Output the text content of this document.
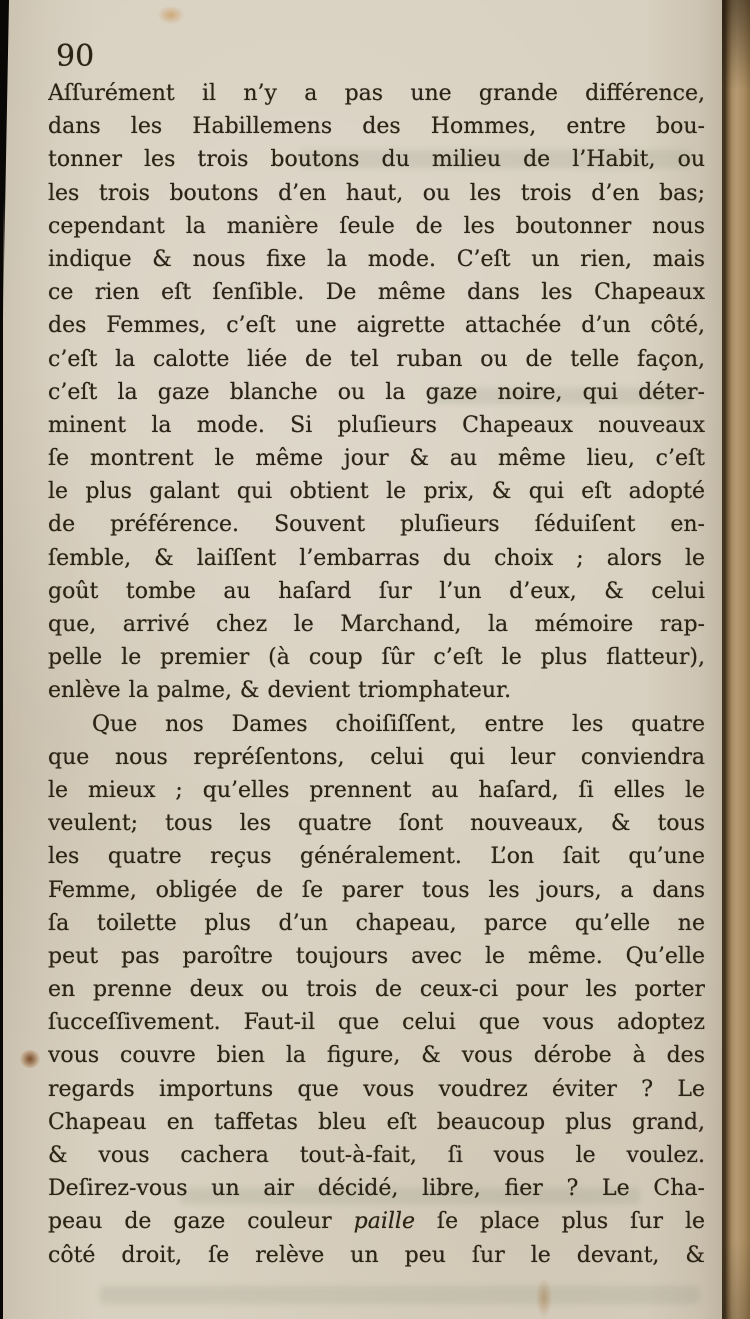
90
Aſſurément il n’y a pas une grande différence,
dans les Habillemens des Hommes, entre bou-
tonner les trois boutons du milieu de l’Habit, ou
les trois boutons d’en haut, ou les trois d’en bas;
cependant la manière ſeule de les boutonner nous
indique & nous fixe la mode. C’eſt un rien, mais
ce rien eſt ſenſible. De même dans les Chapeaux
des Femmes, c’eſt une aigrette attachée d’un côté,
c’eſt la calotte liée de tel ruban ou de telle façon,
c’eſt la gaze blanche ou la gaze noire, qui déter-
minent la mode. Si pluſieurs Chapeaux nouveaux
ſe montrent le même jour & au même lieu, c’eſt
le plus galant qui obtient le prix, & qui eſt adopté
de préférence. Souvent pluſieurs ſéduiſent en-
ſemble, & laiſſent l’embarras du choix ; alors le
goût tombe au haſard ſur l’un d’eux, & celui
que, arrivé chez le Marchand, la mémoire rap-
pelle le premier (à coup ſûr c’eſt le plus flatteur),
enlève la palme, & devient triomphateur.
Que nos Dames choiſiſſent, entre les quatre
que nous repréſentons, celui qui leur conviendra
le mieux ; qu’elles prennent au haſard, ſi elles le
veulent; tous les quatre ſont nouveaux, & tous
les quatre reçus généralement. L’on ſait qu’une
Femme, obligée de ſe parer tous les jours, a dans
ſa toilette plus d’un chapeau, parce qu’elle ne
peut pas paroître toujours avec le même. Qu’elle
en prenne deux ou trois de ceux-ci pour les porter
ſucceſſivement. Faut-il que celui que vous adoptez
vous couvre bien la figure, & vous dérobe à des
regards importuns que vous voudrez éviter ? Le
Chapeau en taffetas bleu eſt beaucoup plus grand,
& vous cachera tout-à-fait, ſi vous le voulez.
Deſirez-vous un air décidé, libre, fier ? Le Cha-
peau de gaze couleur paille ſe place plus ſur le
côté droit, ſe relève un peu ſur le devant, &
